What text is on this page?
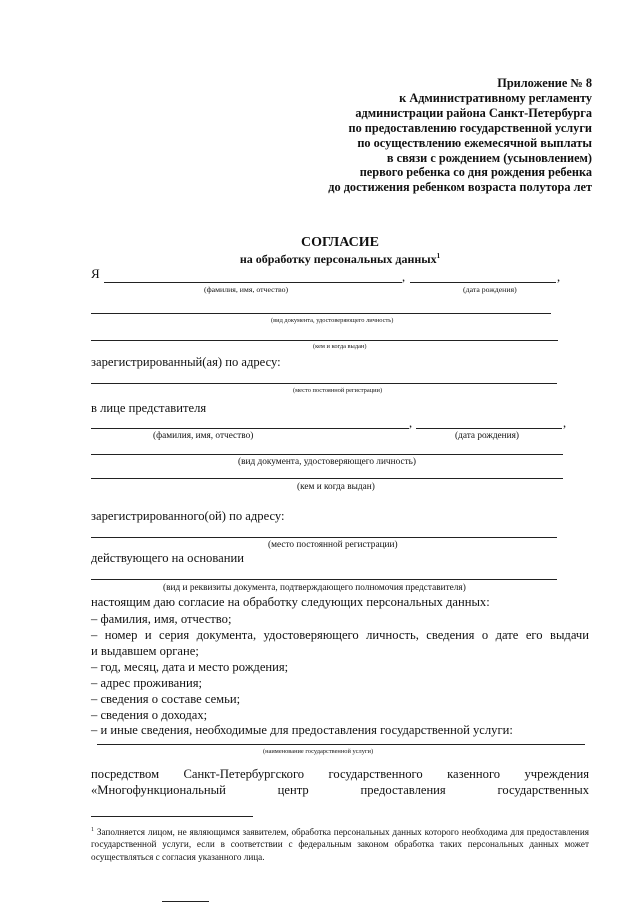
Приложение № 8
к Административному регламенту
администрации района Санкт-Петербурга
по предоставлению государственной услуги
по осуществлению ежемесячной выплаты
в связи с рождением (усыновлением)
первого ребенка со дня рождения ребенка
до достижения ребенком возраста полутора лет
СОГЛАСИЕ
на обработку персональных данных$^1$
Я	,	,
(фамилия, имя, отчество)	(дата рождения)
(вид документа, удостоверяющего личность)
(кем и когда выдан)
зарегистрированный(ая) по адресу:
(место постоянной регистрации)
в лице представителя
,	,
(фамилия, имя, отчество)	(дата рождения)
(вид документа, удостоверяющего личность)
(кем и когда выдан)
зарегистрированного(ой) по адресу:
(место постоянной регистрации)
действующего на основании
(вид и реквизиты документа, подтверждающего полномочия представителя)
настоящим даю согласие на обработку следующих персональных данных:
– фамилия, имя, отчество;
– номер и серия документа, удостоверяющего личность, сведения о дате его выдачи
и выдавшем органе;
– год, месяц, дата и место рождения;
– адрес проживания;
– сведения о составе семьи;
– сведения о доходах;
– и иные сведения, необходимые для предоставления государственной услуги:
(наименование государственной услуги)
посредством Санкт-Петербургского государственного казенного учреждения
«Многофункциональный центр предоставления государственных
$^1$ Заполняется лицом, не являющимся заявителем, обработка персональных данных которого необходима для предоставления государственной услуги, если в соответствии с федеральным законом обработка таких персональных данных может осуществляться с согласия указанного лица.
